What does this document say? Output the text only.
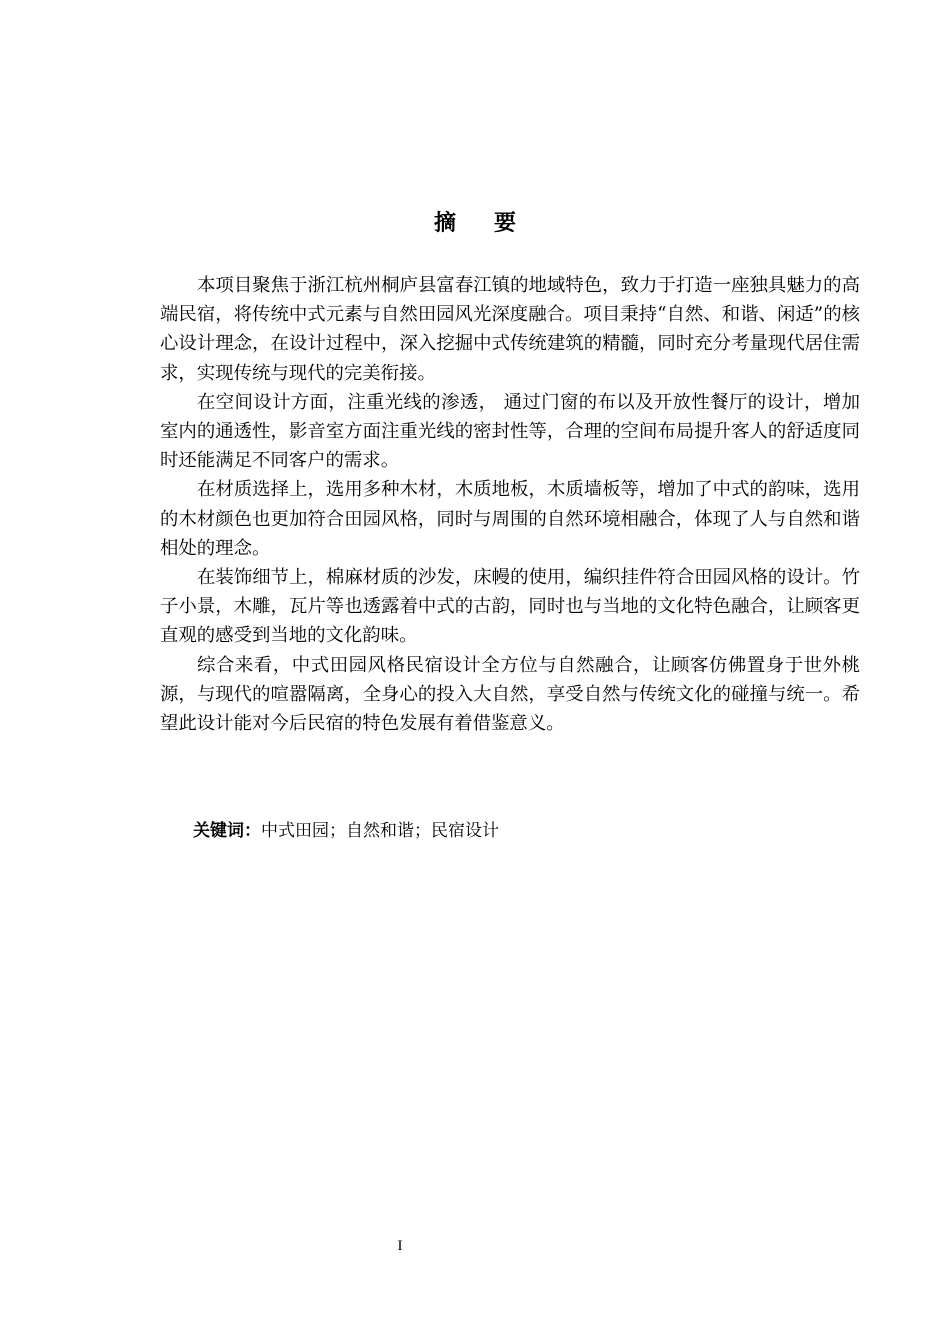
摘 要

本项目聚焦于浙江杭州桐庐县富春江镇的地域特色，致力于打造一座独具魅力的高端民宿，将传统中式元素与自然田园风光深度融合。项目秉持“自然、和谐、闲适”的核心设计理念，在设计过程中，深入挖掘中式传统建筑的精髓，同时充分考量现代居住需求，实现传统与现代的完美衔接。

在空间设计方面，注重光线的渗透， 通过门窗的布以及开放性餐厅的设计，增加室内的通透性，影音室方面注重光线的密封性等，合理的空间布局提升客人的舒适度同时还能满足不同客户的需求。

在材质选择上，选用多种木材，木质地板，木质墙板等，增加了中式的韵味，选用的木材颜色也更加符合田园风格，同时与周围的自然环境相融合，体现了人与自然和谐相处的理念。

在装饰细节上，棉麻材质的沙发，床幔的使用，编织挂件符合田园风格的设计。竹子小景，木雕，瓦片等也透露着中式的古韵，同时也与当地的文化特色融合，让顾客更直观的感受到当地的文化韵味。

综合来看，中式田园风格民宿设计全方位与自然融合，让顾客仿佛置身于世外桃源，与现代的喧嚣隔离，全身心的投入大自然，享受自然与传统文化的碰撞与统一。希望此设计能对今后民宿的特色发展有着借鉴意义。

关键词：中式田园；自然和谐；民宿设计
I
